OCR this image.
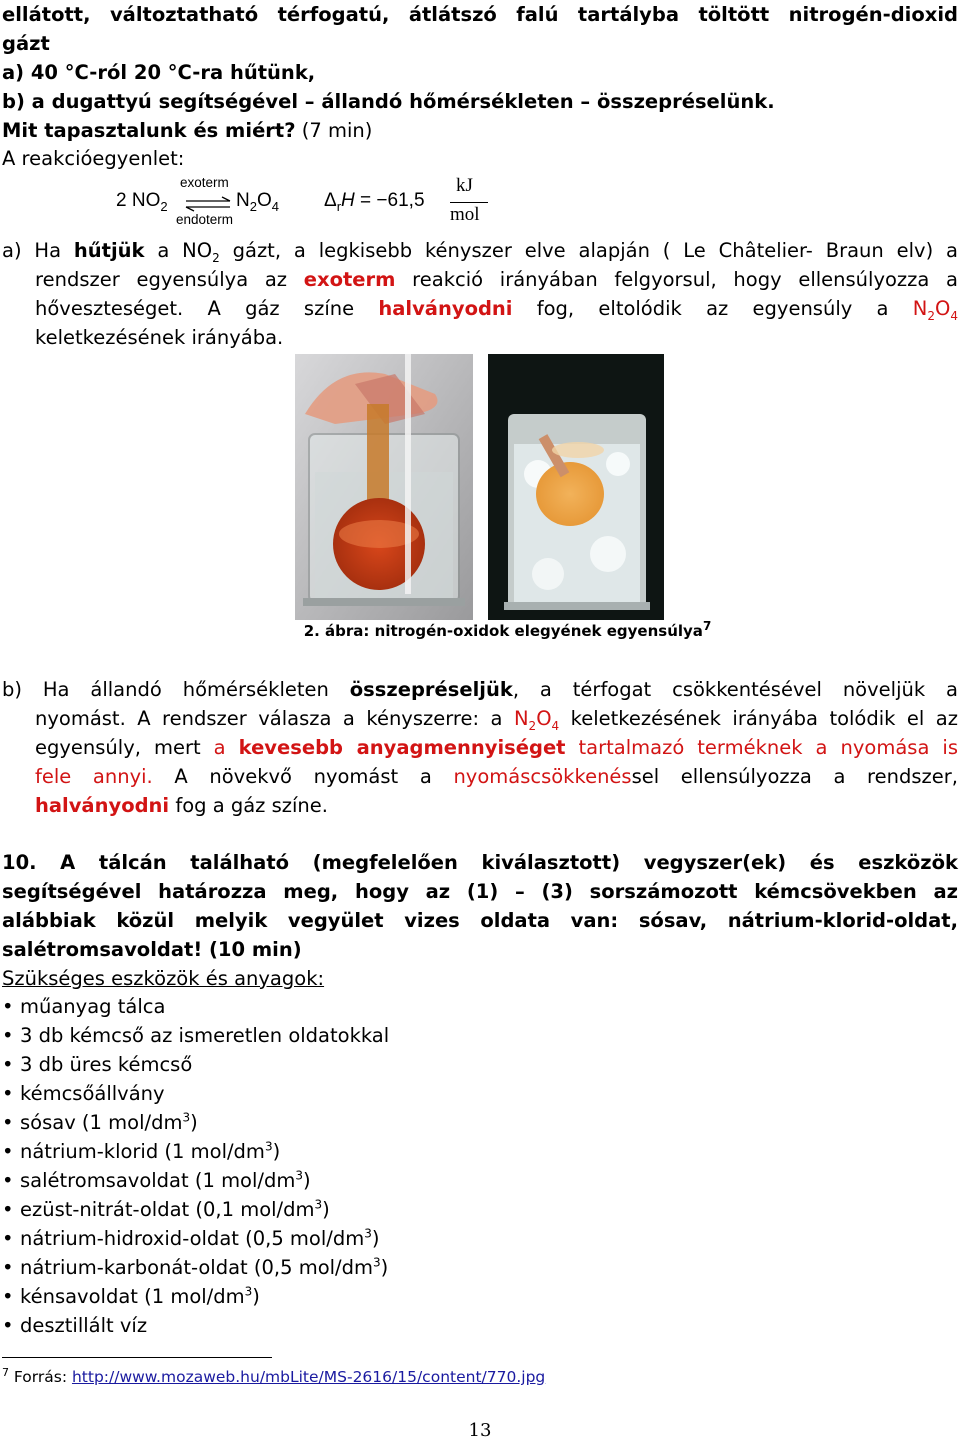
ellátott, változtatható térfogatú, átlátszó falú tartályba töltött nitrogén-dioxid
gázt
a) 40 °C-ról 20 °C-ra hűtünk,
b) a dugattyú segítségével – állandó hőmérsékleten – összepréselünk.
Mit tapasztalunk és miért? (7 min)
A reakcióegyenlet:
2 $NO_2$
exoterm
endoterm
$N_2O_4$ $\Delta_rH = -61,5$
kJ
mol
a) Ha hűtjük a $NO_2$ gázt, a legkisebb kényszer elve alapján ( Le Châtelier- Braun elv) a
rendszer egyensúlya az exoterm reakció irányában felgyorsul, hogy ellensúlyozza a
hőveszteséget. A gáz színe halványodni fog, eltolódik az egyensúly a $N_2O_4$
keletkezésének irányába.
2. ábra: nitrogén-oxidok elegyének egyensúlya$^7$
b) Ha állandó hőmérsékleten összepréseljük, a térfogat csökkentésével növeljük a
nyomást. A rendszer válasza a kényszerre: a $N_2O_4$ keletkezésének irányába tolódik el az
egyensúly, mert a kevesebb anyagmennyiséget tartalmazó terméknek a nyomása is
fele annyi. A növekvő nyomást a nyomáscsökkenéssel ellensúlyozza a rendszer,
halványodni fog a gáz színe.
10. A tálcán található (megfelelően kiválasztott) vegyszer(ek) és eszközök
segítségével határozza meg, hogy az (1) – (3) sorszámozott kémcsövekben az
alábbiak közül melyik vegyület vizes oldata van: sósav, nátrium-klorid-oldat,
salétromsavoldat! (10 min)
Szükséges eszközök és anyagok:
• műanyag tálca
• 3 db kémcső az ismeretlen oldatokkal
• 3 db üres kémcső
• kémcsőállvány
• sósav (1 mol/$dm^3$)
• nátrium-klorid (1 mol/$dm^3$)
• salétromsavoldat (1 mol/$dm^3$)
• ezüst-nitrát-oldat (0,1 mol/$dm^3$)
• nátrium-hidroxid-oldat (0,5 mol/$dm^3$)
• nátrium-karbonát-oldat (0,5 mol/$dm^3$)
• kénsavoldat (1 mol/$dm^3$)
• desztillált víz
$^7$ Forrás: http://www.mozaweb.hu/mbLite/MS-2616/15/content/770.jpg
13
